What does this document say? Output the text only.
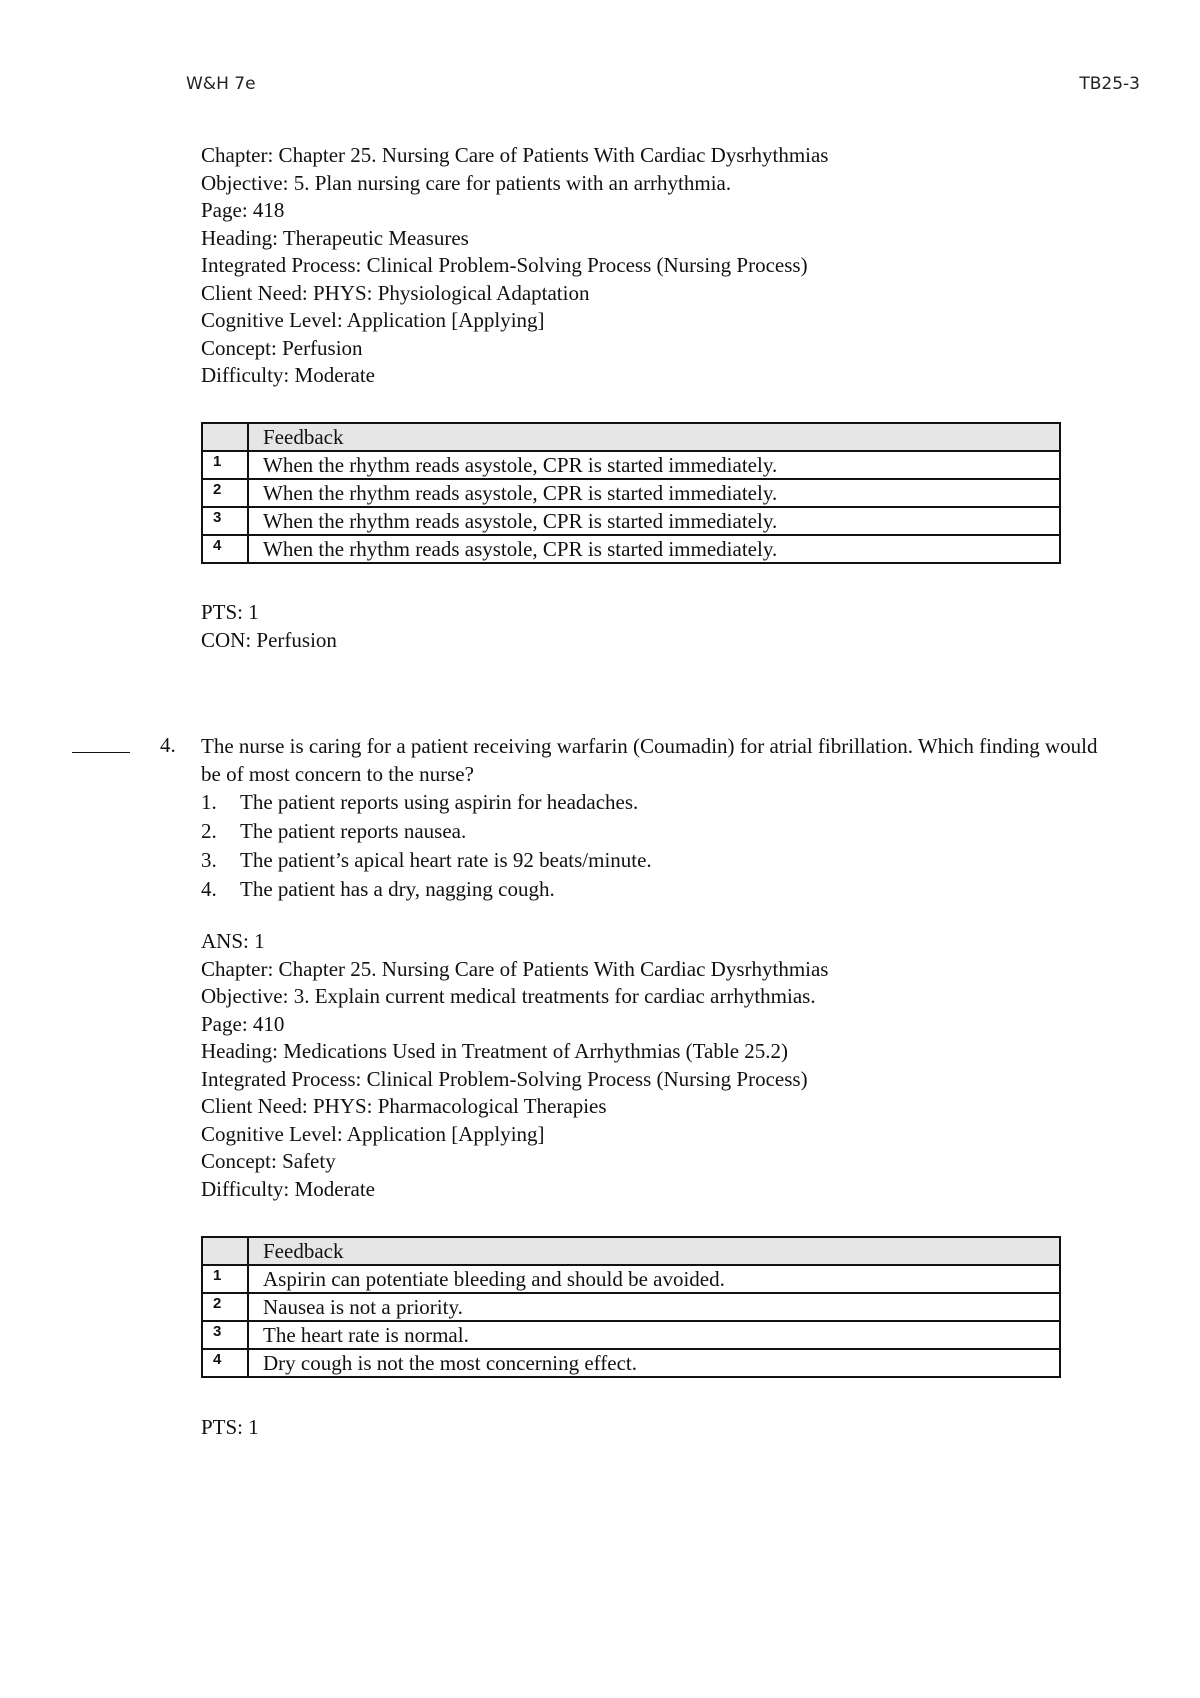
W&H 7e	TB25-3
Chapter: Chapter 25. Nursing Care of Patients With Cardiac Dysrhythmias
Objective: 5. Plan nursing care for patients with an arrhythmia.
Page: 418
Heading: Therapeutic Measures
Integrated Process: Clinical Problem-Solving Process (Nursing Process)
Client Need: PHYS: Physiological Adaptation
Cognitive Level: Application [Applying]
Concept: Perfusion
Difficulty: Moderate
	Feedback
1	When the rhythm reads asystole, CPR is started immediately.
2	When the rhythm reads asystole, CPR is started immediately.
3	When the rhythm reads asystole, CPR is started immediately.
4	When the rhythm reads asystole, CPR is started immediately.
PTS: 1
CON: Perfusion
4. The nurse is caring for a patient receiving warfarin (Coumadin) for atrial fibrillation. Which finding would be of most concern to the nurse?
1.	The patient reports using aspirin for headaches.
2.	The patient reports nausea.
3.	The patient’s apical heart rate is 92 beats/minute.
4.	The patient has a dry, nagging cough.
ANS: 1
Chapter: Chapter 25. Nursing Care of Patients With Cardiac Dysrhythmias
Objective: 3. Explain current medical treatments for cardiac arrhythmias.
Page: 410
Heading: Medications Used in Treatment of Arrhythmias (Table 25.2)
Integrated Process: Clinical Problem-Solving Process (Nursing Process)
Client Need: PHYS: Pharmacological Therapies
Cognitive Level: Application [Applying]
Concept: Safety
Difficulty: Moderate
	Feedback
1	Aspirin can potentiate bleeding and should be avoided.
2	Nausea is not a priority.
3	The heart rate is normal.
4	Dry cough is not the most concerning effect.
PTS: 1
